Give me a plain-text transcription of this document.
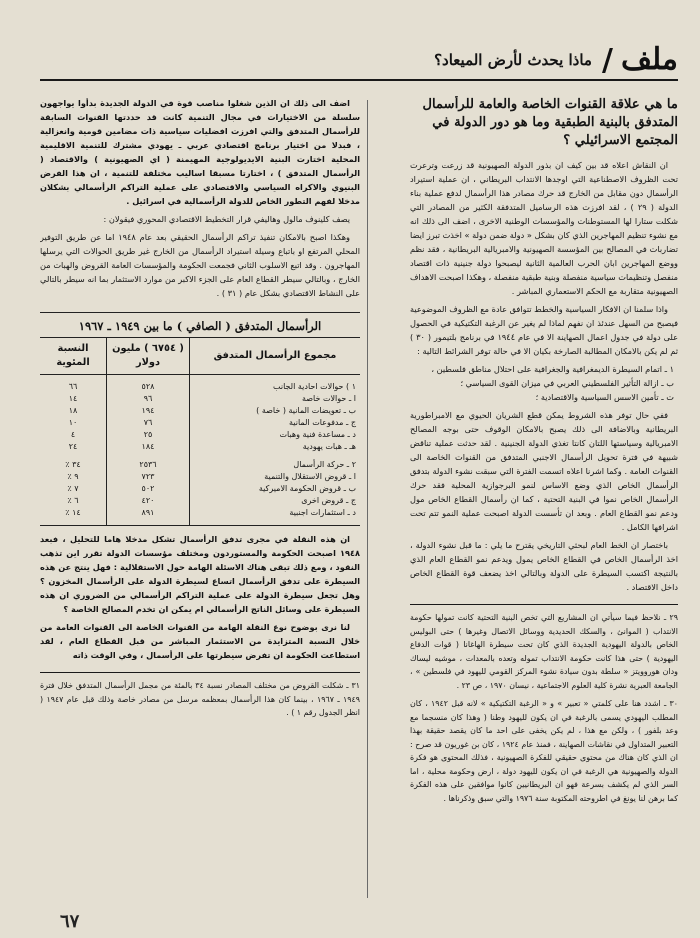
ملف
/
ماذا يحدث لأرض الميعاد؟
ما هي علاقة القنوات الخاصة والعامة للرأسمال المتدفق بالبنية الطبقية وما هو دور الدولة في المجتمع الاسرائيلي ؟

ان النقاش اعلاه قد بين كيف ان بذور الدولة الصهيونية قد زرعت وترعرت تحت الظروف الاصطناعية التي اوجدها الانتداب البريطاني ، ان عملية استيراد الرأسمال دون مقابل من الخارج قد حرك مصادر هذا الرأسمال لدفع عملية بناء الدولة ( ٢٩ ) ، لقد افرزت هذه الرساميل المتدفقة الكثير من المصادر التي شكلت ستارا لها المستوطنات والمؤسسات الوطنية الاخرى ، اضف الى ذلك انه مع نشوء تنظيم المهاجرين الذي كان بشكل « دولة ضمن دولة » اخذت تبرز ايضا تضاربات في المصالح بين المؤسسة الصهيونية والامبريالية البريطانية ، فقد نظم ووضع المهاجرين ابان الحرب العالمية الثانية ليصبحوا دولة جنينية ذات اقتصاد منفصل وتنظيمات سياسية منفصلة وبنية طبقية منفصلة ، وهكذا اصبحت الاهداف الصهيونية متقاربة مع الحكم الاستعماري المباشر .

واذا سلمنا ان الافكار السياسية والخطط تتوافق عادة مع الظروف الموضوعية فيصبح من السهل عندئذ ان نفهم لماذا لم يغير عن الرغبة التكتيكية في الحصول على دولة في جدول اعمال الصهاينة الا في عام ١٩٤٤ في برنامج بلتيمور ( ٣٠ ) ثم لم يكن بالامكان المطالبة الصارخة بكيان الا في حالة توفر الشرائط التالية :

١ ـ اتمام السيطرة الديمغرافية والجغرافية على احتلال مناطق فلسطين ،
ب ـ ازالة التأثير الفلسطيني العربي في ميزان القوى السياسي ؛
ت ـ تأمين الاسس السياسية والاقتصادية ؛

ففي حال توفر هذه الشروط يمكن قطع الشريان الحيوي مع الامبراطورية البريطانية وبالاضافة الى ذلك يصبح بالامكان الوقوف حتى بوجه المصالح الامبريالية وسياستها اللتان كانتا تغذي الدولة الجنينية . لقد حدثت عملية تناقض شبيهة في فترة تحويل الرأسمال الاجنبي المتدفق من القنوات الخاصة الى القنوات العامة . وكما اشرنا اعلاه اتسمت الفترة التي سبقت نشوء الدولة بتدفق الرأسمال الخاص الذي وضع الاساس لنمو البرجوازية المحلية فقد حرك الرأسمال الخاص نموا في البنية التحتية ، كما ان رأسمال القطاع الخاص مول ودعم نمو القطاع العام . وبعد ان تأسست الدولة اصبحت عملية النمو تتم تحت اشرافها الكامل .

باختصار ان الخط العام لبحثي التاريخي يقترح ما يلي : ما قبل نشوء الدولة ، اخذ الرأسمال الخاص في القطاع الخاص يمول ويدعم نمو القطاع العام الذي بالنتيجة اكتسب السيطرة على الدولة وبالتالي اخذ يضعف قوة القطاع الخاص داخل الاقتصاد .

٢٩ ـ نلاحظ فيما سيأتي ان المشاريع التي تخص البنية التحتية كانت تمولها حكومة الانتداب ( الموانئ ، والسكك الحديدية ووسائل الاتصال وغيرها ) حتى البوليس الخاص بالدولة اليهودية الجديدة الذي كان تحت سيطرة الهاغانا ( قوات الدفاع اليهودية ) حتى هذا كانت حكومة الانتداب تموله وتعده بالمعدات ، موشيه ليساك ودان هوروويتز « سلطة بدون سيادة نشوء المركز القومي لليهود في فلسطين » ، الجامعة العبرية نشرة كلية العلوم الاجتماعية ، نيسان ١٩٧٠ ، ص ٢٣ .

٣٠ ـ اشدد هنا على كلمتي « تعبير » و « الرغبة التكتيكية » لانه قبل ١٩٤٢ ، كان المطلب اليهودي يسمى بالرغبة في ان يكون لليهود وطنا ( وهذا كان منسجما مع وعد بلفور ) ، ولكن مع هذا ، لم يكن يخفى على احد ما كان يقصد حقيقة بهذا التعبير المتداول في نقاشات الصهاينة ، فمنذ عام ١٩٢٤ ، كان بن غوريون قد صرح : ان الذي كان هناك من محتوى حقيقي للفكرة الصهيونية ، فذلك المحتوى هو فكرة الدولة والصهيونية هي الرغبة في ان يكون لليهود دولة ، ارض وحكومة محلية ، اما السر الذي لم يكشف بسرعة فهو ان البريطانيين كانوا موافقين على هذه الفكرة كما برهن لنا يونغ في اطروحته المكتوبة سنة ١٩٧٦ والتي سبق وذكرناها .

اضف الى ذلك ان الذين شغلوا مناصب قوة في الدولة الجديدة بدأوا يواجهون سلسلة من الاختيارات في مجال التنمية كانت قد حددتها القنوات السابقة للرأسمال المتدفق والتي افرزت افضليات سياسية ذات مضامين قومية وانعزالية ، فبدلا من اختيار برنامج اقتصادي عربي ـ يهودي مشترك للتنمية الاقليمية المحلية اختارت البنية الايديولوجية المهيمنة ( اي الصهيونية ) والاقتصاد ( الرأسمال المتدفق ) ، اختارتا مسبقا اساليب مختلفة للتنمية ، ان هذا الفرض البنيوي والاكراه السياسي والاقتصادي على عملية التراكم الرأسمالي بشكلان مدخلا لفهم التطور الخاص للدولة الرأسمالية في اسرائيل .

يصف كلينوف مالول وهاليفي قرار التخطيط الاقتصادي المحوري فيقولان :

وهكذا اصبح بالامكان تنفيذ تراكم الرأسمال الحقيقي بعد عام ١٩٤٨ اما عن طريق التوفير المحلي المرتفع او باتباع وسيلة استيراد الرأسمال من الخارج غير طريق الحوالات التي يرسلها المهاجرون . وقد اتبع الاسلوب الثاني فجمعت الحكومة والمؤسسات العامة القروض والهبات من الخارج ، وبالتالي سيطر القطاع العام على الجزء الاكبر من موارد الاستثمار بما انه سيطر بالتالي على النشاط الاقتصادي بشكل عام ( ٣١ ) .

الرأسمال المتدفق ( الصافي ) ما بين ١٩٤٩ ـ ١٩٦٧
مجموع الرأسمال المتدفق	( ٦٧٥٤ ) مليون دولار	النسبة المئوية

١ ) حوالات احادية الجانب	٥٢٨	٦٦
ا ـ حوالات خاصة	٩٦	١٤
ب ـ تعويضات المانية ( خاصة )	١٩٤	١٨
ج ـ مدفوعات المانية	٧٦	١٠
د ـ مساعدة فنية وهبات	٢٥	٤
هـ ـ هبات يهودية	١٨٤	٢٤

٢ ـ حركة الرأسمال	٢٥٣٦	٣٤ ٪
ا ـ قروض الاستقلال والتنمية	٧٢٣	٩ ٪
ب ـ قروض الحكومة الاميركية	٥٠٢	٧ ٪
ج ـ قروض اخرى	٤٢٠	٦ ٪
د ـ استثمارات اجنبية	٨٩١	١٤ ٪

ان هذه النقلة في مجرى تدفق الرأسمال تشكل مدخلا هاما للتحليل ، فبعد ١٩٤٨ اصبحت الحكومة والمستوردون ومختلف مؤسسات الدولة تقرر اين تذهب النقود ، ومع ذلك تبقى هناك الاسئلة الهامة حول الاستقلالية : فهل ينتج عن هذه السيطرة على تدفق الرأسمال اتساع لسيطرة الدولة على الرأسمال المخزون ؟ وهل تجعل سيطرة الدولة على عملية التراكم الرأسمالي من الضروري ان هذه السيطرة على وسائل الناتج الرأسمالي ام يمكن ان تخدم المصالح الخاصة ؟

لنا نرى بوضوح نوع النقلة الهامة من القنوات الخاصة الى القنوات العامة من خلال النسبة المتزايدة من الاستثمار المباشر من قبل القطاع العام ، لقد استطاعت الحكومة ان تفرض سيطرتها على الرأسمال ، وفي الوقت ذاته

٣١ ـ شكلت القروض من مختلف المصادر نسبة ٣٤ بالمئة من مجمل الرأسمال المتدفق خلال فترة ١٩٤٩ ـ ١٩٦٧ ، بينما كان هذا الرأسمال بمعظمه مرسل من مصادر خاصة وذلك قبل عام ١٩٤٧ ( انظر الجدول رقم ١ ) .

٦٧
